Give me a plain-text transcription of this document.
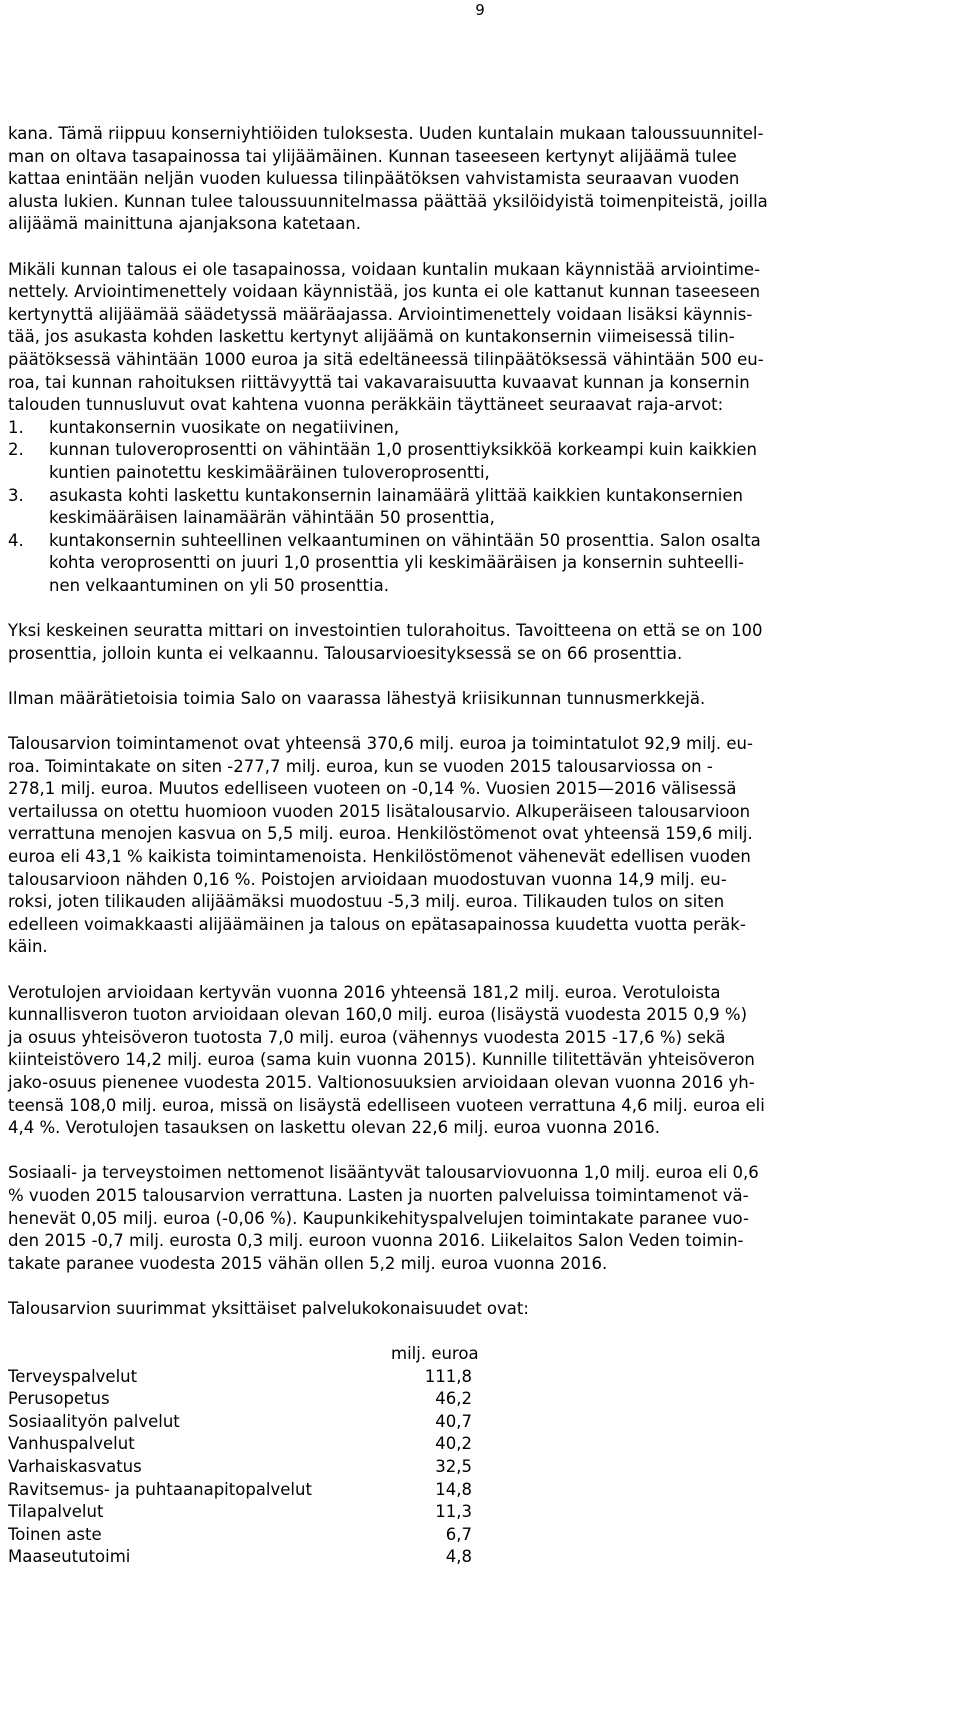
9
kana. Tämä riippuu konserniyhtiöiden tuloksesta. Uuden kuntalain mukaan taloussuunnitel-
man on oltava tasapainossa tai ylijäämäinen. Kunnan taseeseen kertynyt alijäämä tulee
kattaa enintään neljän vuoden kuluessa tilinpäätöksen vahvistamista seuraavan vuoden
alusta lukien. Kunnan tulee taloussuunnitelmassa päättää yksilöidyistä toimenpiteistä, joilla
alijäämä mainittuna ajanjaksona katetaan.
Mikäli kunnan talous ei ole tasapainossa, voidaan kuntalin mukaan käynnistää arviointime-
nettely. Arviointimenettely voidaan käynnistää, jos kunta ei ole kattanut kunnan taseeseen
kertynyttä alijäämää säädetyssä määräajassa. Arviointimenettely voidaan lisäksi käynnis-
tää, jos asukasta kohden laskettu kertynyt alijäämä on kuntakonsernin viimeisessä tilin-
päätöksessä vähintään 1000 euroa ja sitä edeltäneessä tilinpäätöksessä vähintään 500 eu-
roa, tai kunnan rahoituksen riittävyyttä tai vakavaraisuutta kuvaavat kunnan ja konsernin
talouden tunnusluvut ovat kahtena vuonna peräkkäin täyttäneet seuraavat raja-arvot:
1.	kuntakonsernin vuosikate on negatiivinen,
2.	kunnan tuloveroprosentti on vähintään 1,0 prosenttiyksikköä korkeampi kuin kaikkien
kuntien painotettu keskimääräinen tuloveroprosentti,
3.	asukasta kohti laskettu kuntakonsernin lainamäärä ylittää kaikkien kuntakonsernien
keskimääräisen lainamäärän vähintään 50 prosenttia,
4.	kuntakonsernin suhteellinen velkaantuminen on vähintään 50 prosenttia. Salon osalta
kohta veroprosentti on juuri 1,0 prosenttia yli keskimääräisen ja konsernin suhteelli-
nen velkaantuminen on yli 50 prosenttia.
Yksi keskeinen seuratta mittari on investointien tulorahoitus. Tavoitteena on että se on 100
prosenttia, jolloin kunta ei velkaannu. Talousarvioesityksessä se on 66 prosenttia.
Ilman määrätietoisia toimia Salo on vaarassa lähestyä kriisikunnan tunnusmerkkejä.
Talousarvion toimintamenot ovat yhteensä 370,6 milj. euroa ja toimintatulot 92,9 milj. eu-
roa. Toimintakate on siten -277,7 milj. euroa, kun se vuoden 2015 talousarviossa on -
278,1 milj. euroa. Muutos edelliseen vuoteen on -0,14 %. Vuosien 2015—2016 välisessä
vertailussa on otettu huomioon vuoden 2015 lisätalousarvio. Alkuperäiseen talousarvioon
verrattuna menojen kasvua on 5,5 milj. euroa. Henkilöstömenot ovat yhteensä 159,6 milj.
euroa eli 43,1 % kaikista toimintamenoista. Henkilöstömenot vähenevät edellisen vuoden
talousarvioon nähden 0,16 %. Poistojen arvioidaan muodostuvan vuonna 14,9 milj. eu-
roksi, joten tilikauden alijäämäksi muodostuu -5,3 milj. euroa. Tilikauden tulos on siten
edelleen voimakkaasti alijäämäinen ja talous on epätasapainossa kuudetta vuotta peräk-
käin.
Verotulojen arvioidaan kertyvän vuonna 2016 yhteensä 181,2 milj. euroa. Verotuloista
kunnallisveron tuoton arvioidaan olevan 160,0 milj. euroa (lisäystä vuodesta 2015 0,9 %)
ja osuus yhteisöveron tuotosta 7,0 milj. euroa (vähennys vuodesta 2015 -17,6 %) sekä
kiinteistövero 14,2 milj. euroa (sama kuin vuonna 2015). Kunnille tilitettävän yhteisöveron
jako-osuus pienenee vuodesta 2015. Valtionosuuksien arvioidaan olevan vuonna 2016 yh-
teensä 108,0 milj. euroa, missä on lisäystä edelliseen vuoteen verrattuna 4,6 milj. euroa eli
4,4 %. Verotulojen tasauksen on laskettu olevan 22,6 milj. euroa vuonna 2016.
Sosiaali- ja terveystoimen nettomenot lisääntyvät talousarviovuonna 1,0 milj. euroa eli 0,6
% vuoden 2015 talousarvion verrattuna. Lasten ja nuorten palveluissa toimintamenot vä-
henevät 0,05 milj. euroa (-0,06 %). Kaupunkikehityspalvelujen toimintakate paranee vuo-
den 2015 -0,7 milj. eurosta 0,3 milj. euroon vuonna 2016. Liikelaitos Salon Veden toimin-
takate paranee vuodesta 2015 vähän ollen 5,2 milj. euroa vuonna 2016.
Talousarvion suurimmat yksittäiset palvelukokonaisuudet ovat:
milj. euroa
Terveyspalvelut	111,8
Perusopetus	46,2
Sosiaalityön palvelut	40,7
Vanhuspalvelut	40,2
Varhaiskasvatus	32,5
Ravitsemus- ja puhtaanapitopalvelut	14,8
Tilapalvelut	11,3
Toinen aste	6,7
Maaseututoimi	4,8
